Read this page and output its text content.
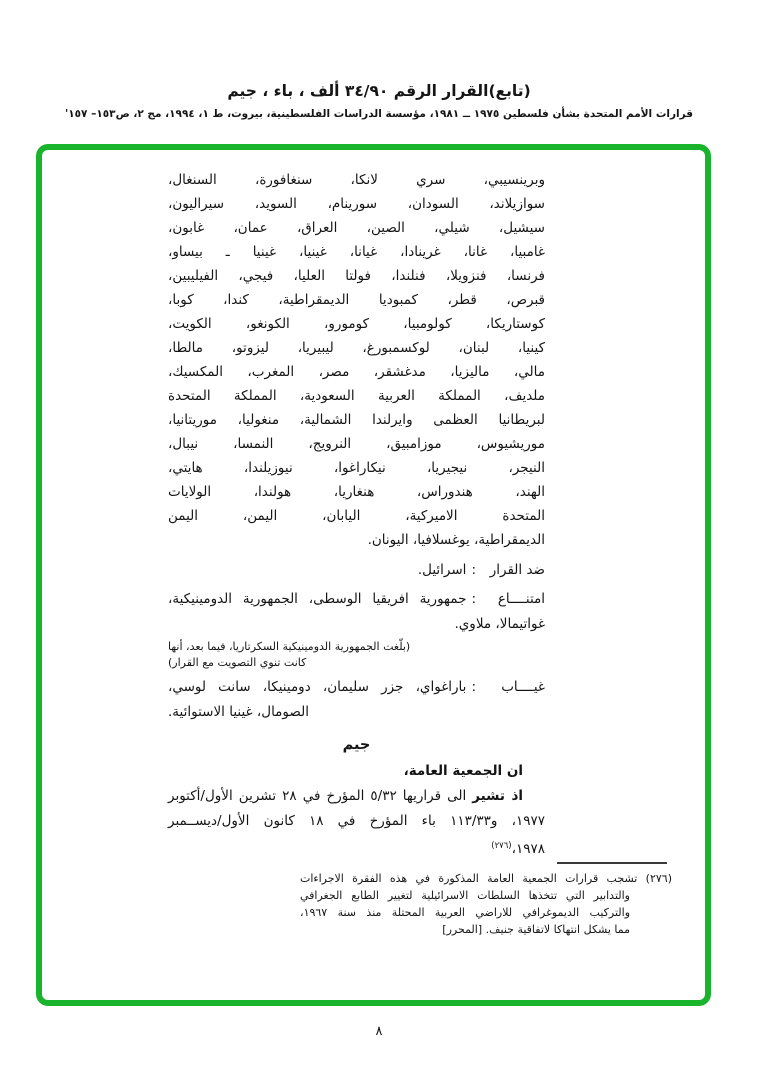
(تابع)القرار الرقم ٣٤/٩٠ ألف ، باء ، جيم
قرارات الأمم المتحدة بشأن فلسطين ١٩٧٥ ــ ١٩٨١، مؤسسة الدراسات الفلسطينية، بيروت، ط ١، ١٩٩٤، مج ٢، ص١٥٣– ١٥٧'
وبرينسيبي، سري لانكا، سنغافورة، السنغال،
سوازيلاند، السودان، سورينام، السويد، سيراليون،
سيشيل، شيلي، الصين، العراق، عمان، غابون،
غامبيا، غانا، غرينادا، غيانا، غينيا، غينيا ـ بيساو،
فرنسا، فنزويلا، فنلندا، فولتا العليا، فيجي، الفيليبين،
قبرص، قطر، كمبوديا الديمقراطية، كندا، كوبا،
كوستاريكا، كولومبيا، كومورو، الكونغو، الكويت،
كينيا، لبنان، لوكسمبورغ، ليبيريا، ليزوتو، مالطا،
مالي، ماليزيا، مدغشقر، مصر، المغرب، المكسيك،
ملديف، المملكة العربية السعودية، المملكة المتحدة
لبريطانيا العظمى وايرلندا الشمالية، منغوليا، موريتانيا،
موريشيوس، موزامبيق، النرويج، النمسا، نيبال،
النيجر، نيجيريا، نيكاراغوا، نيوزيلندا، هايتي،
الهند، هندوراس، هنغاريا، هولندا، الولايات
المتحدة الاميركية، اليابان، اليمن، اليمن
الديمقراطية، يوغسلافيا، اليونان.
ضد القرار
:
اسرائيل.
امتنــــاع
:
جمهورية افريقيا الوسطى، الجمهورية الدومينيكية،
غواتيمالا، ملاوي.
(بلّغت الجمهورية الدومينيكية السكرتاريا، فيما بعد، أنها
كانت تنوي التصويت مع القرار)
غيــــاب
:
باراغواي، جزر سليمان، دومينيكا، سانت لوسي،
الصومال، غينيا الاستوائية.
جيم
ان الجمعية العامة،
اذ تشير الى قراريها ٥/٣٢ المؤرخ في ٢٨ تشرين الأول/أكتوبر
١٩٧٧، و١١٣/٣٣ باء المؤرخ في ١٨ كانون الأول/ديســمبر
١٩٧٨،$^{(٢٧٦)}$
(٢٧٦) تشجب قرارات الجمعية العامة المذكورة في هذه الفقرة الاجراءات
والتدابير التي تتخذها السلطات الاسرائيلية لتغيير الطابع الجغرافي
والتركيب الديموغرافي للاراضي العربية المحتلة منذ سنة ١٩٦٧،
مما يشكل انتهاكا لاتفاقية جنيف. [المحرر]
٨
